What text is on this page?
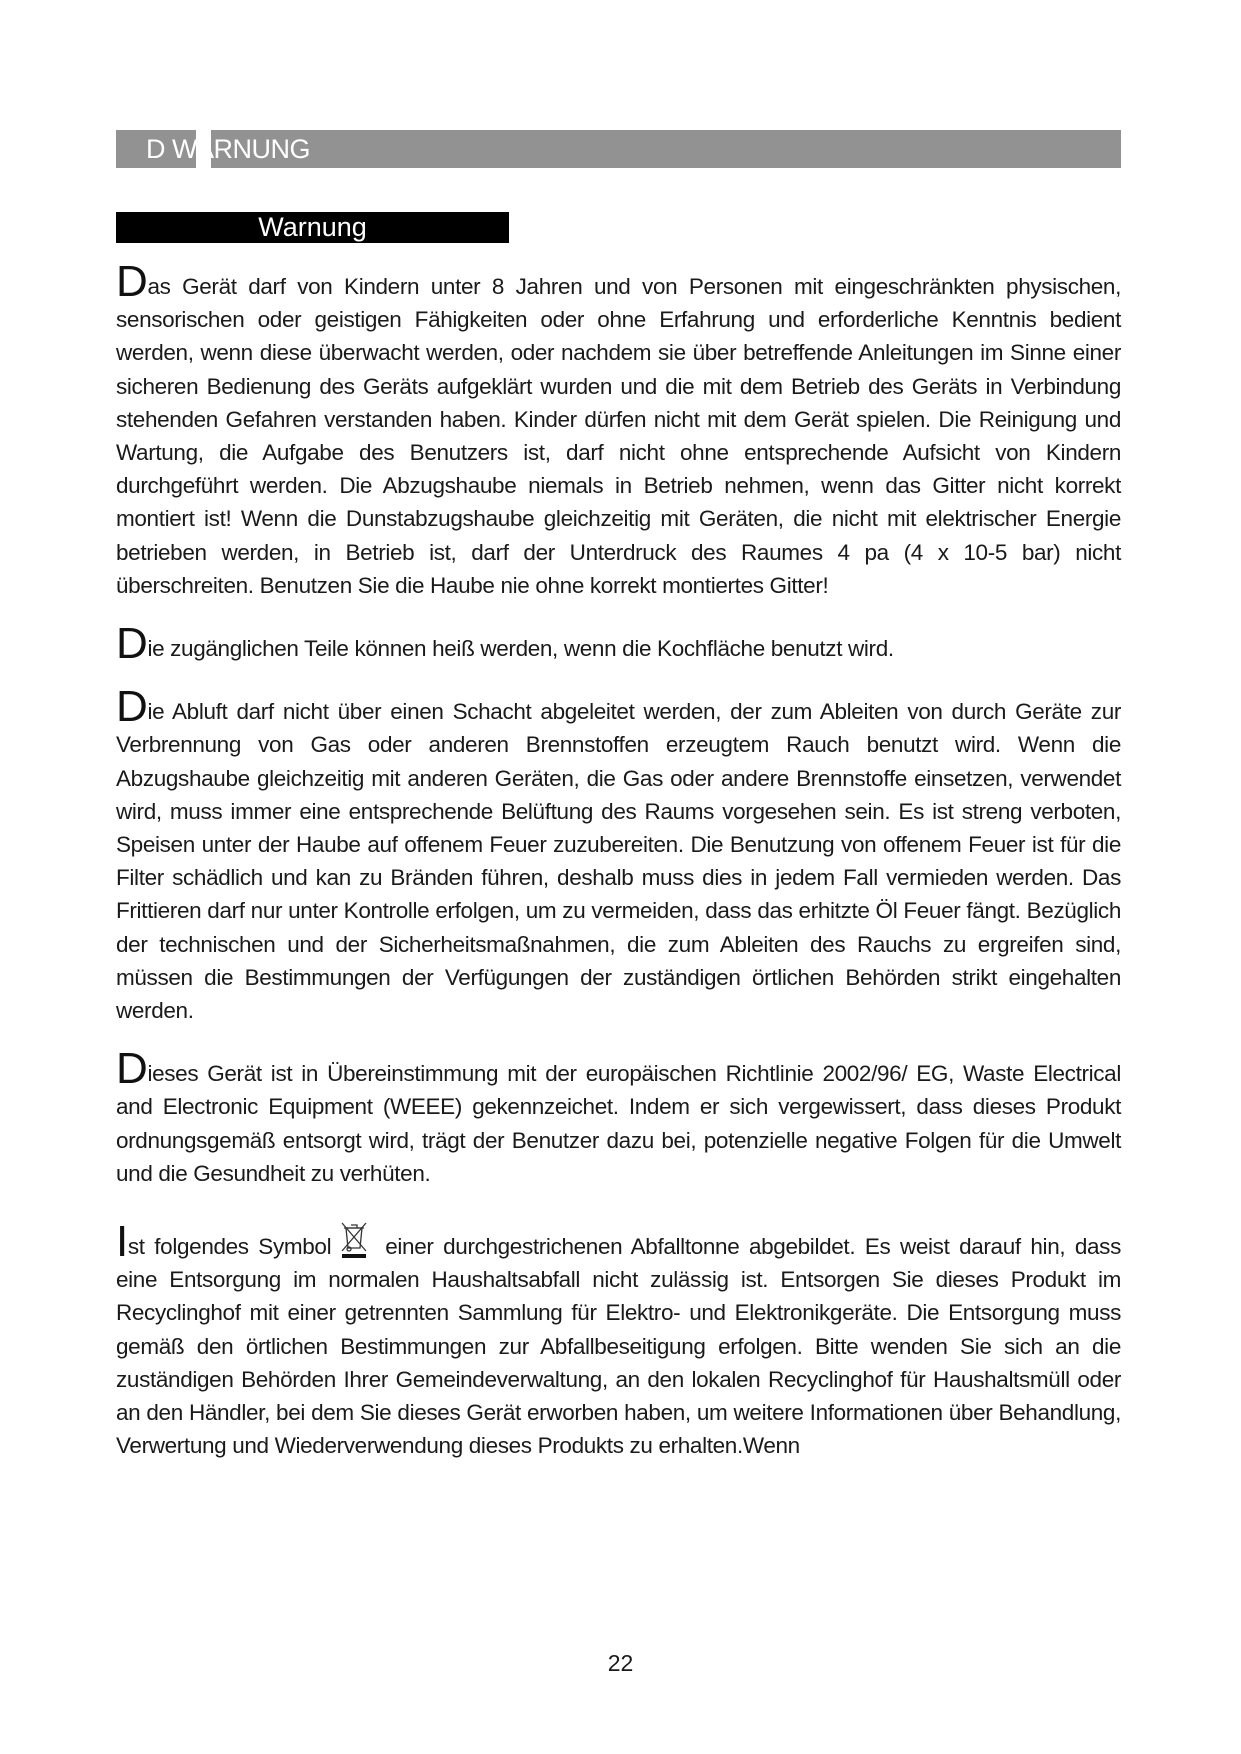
D WARNUNG
Warnung

Das Gerät darf von Kindern unter 8 Jahren und von Personen mit eingeschränkten physischen, sensorischen oder geistigen Fähigkeiten oder ohne Erfahrung und erforderliche Kenntnis bedient werden, wenn diese überwacht werden, oder nachdem sie über betreffende Anleitungen im Sinne einer sicheren Bedienung des Geräts aufgeklärt wurden und die mit dem Betrieb des Geräts in Verbindung stehenden Gefahren verstanden haben. Kinder dürfen nicht mit dem Gerät spielen. Die Reinigung und Wartung, die Aufgabe des Benutzers ist, darf nicht ohne entsprechende Aufsicht von Kindern durchgeführt werden. Die Abzugshaube niemals in Betrieb nehmen, wenn das Gitter nicht korrekt montiert ist! Wenn die Dunstabzugshaube gleichzeitig mit Geräten, die nicht mit elektrischer Energie betrieben werden, in Betrieb ist, darf der Unterdruck des Raumes 4 pa (4 x 10-5 bar) nicht überschreiten. Benutzen Sie die Haube nie ohne korrekt montiertes Gitter!

Die zugänglichen Teile können heiß werden, wenn die Kochfläche benutzt wird.

Die Abluft darf nicht über einen Schacht abgeleitet werden, der zum Ableiten von durch Geräte zur Verbrennung von Gas oder anderen Brennstoffen erzeugtem Rauch benutzt wird. Wenn die Abzugshaube gleichzeitig mit anderen Geräten, die Gas oder andere Brennstoffe einsetzen, verwendet wird, muss immer eine entsprechende Belüftung des Raums vorgesehen sein. Es ist streng verboten, Speisen unter der Haube auf offenem Feuer zuzubereiten. Die Benutzung von offenem Feuer ist für die Filter schädlich und kan zu Bränden führen, deshalb muss dies in jedem Fall vermieden werden. Das Frittieren darf nur unter Kontrolle erfolgen, um zu vermeiden, dass das erhitzte Öl Feuer fängt. Bezüglich der technischen und der Sicherheitsmaßnahmen, die zum Ableiten des Rauchs zu ergreifen sind, müssen die Bestimmungen der Verfügungen der zuständigen örtlichen Behörden strikt eingehalten werden.

Dieses Gerät ist in Übereinstimmung mit der europäischen Richtlinie 2002/96/ EG, Waste Electrical and Electronic Equipment (WEEE) gekennzeichet. Indem er sich vergewissert, dass dieses Produkt ordnungsgemäß entsorgt wird, trägt der Benutzer dazu bei, potenzielle negative Folgen für die Umwelt und die Gesundheit zu verhüten.

Ist folgendes Symbol einer durchgestrichenen Abfalltonne abgebildet. Es weist darauf hin, dass eine Entsorgung im normalen Haushaltsabfall nicht zulässig ist. Entsorgen Sie dieses Produkt im Recyclinghof mit einer getrennten Sammlung für Elektro- und Elektronikgeräte. Die Entsorgung muss gemäß den örtlichen Bestimmungen zur Abfallbeseitigung erfolgen. Bitte wenden Sie sich an die zuständigen Behörden Ihrer Gemeindeverwaltung, an den lokalen Recyclinghof für Haushaltsmüll oder an den Händler, bei dem Sie dieses Gerät erworben haben, um weitere Informationen über Behandlung, Verwertung und Wiederverwendung dieses Produkts zu erhalten.Wenn

22
